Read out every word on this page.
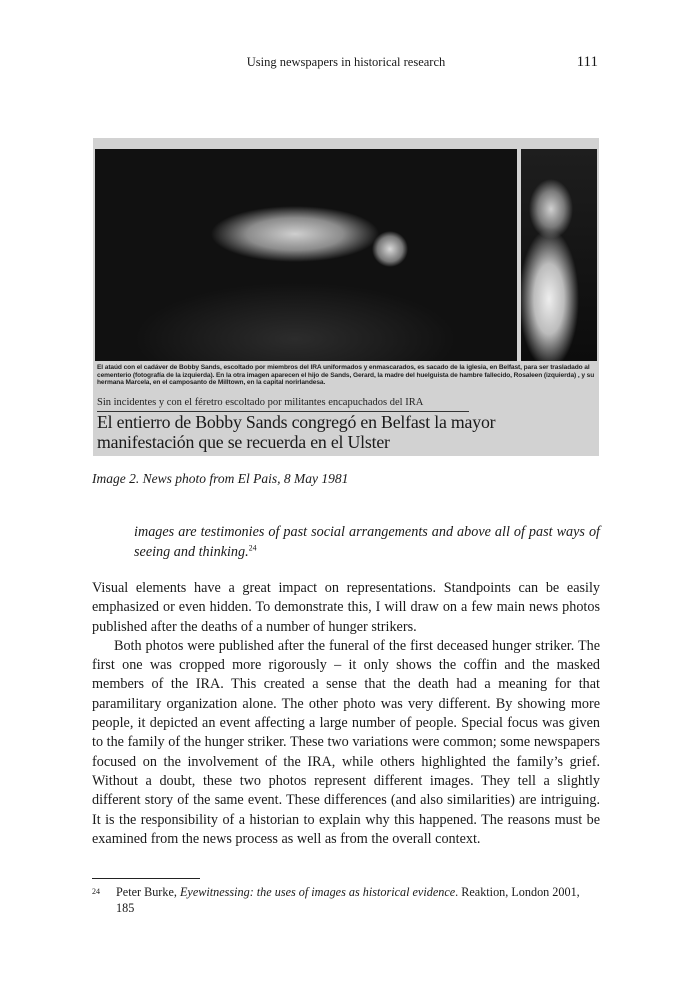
Using newspapers in historical research	111
El ataúd con el cadáver de Bobby Sands, escoltado por miembros del IRA uniformados y enmascarados, es sacado de la iglesia, en Belfast, para ser trasladado al cementerio (fotografía de la izquierda). En la otra imagen aparecen el hijo de Sands, Gerard, la madre del huelguista de hambre fallecido, Rosaleen (izquierda) , y su hermana Marcela, en el camposanto de Milltown, en la capital norirlandesa.
Sin incidentes y con el féretro escoltado por militantes encapuchados del IRA
El entierro de Bobby Sands congregó en Belfast la mayor
manifestación que se recuerda en el Ulster
Image 2. News photo from El Pais, 8 May 1981
images are testimonies of past social arrangements and above all of past ways of seeing and thinking.$^{24}$

Visual elements have a great impact on representations. Standpoints can be easily emphasized or even hidden. To demonstrate this, I will draw on a few main news photos published after the deaths of a number of hunger strikers.

Both photos were published after the funeral of the first deceased hunger striker. The first one was cropped more rigorously – it only shows the coffin and the masked members of the IRA. This created a sense that the death had a meaning for that paramilitary organization alone. The other photo was very different. By showing more people, it depicted an event affecting a large number of people. Special focus was given to the family of the hunger striker. These two variations were common; some newspapers focused on the involvement of the IRA, while others highlighted the family’s grief. Without a doubt, these two photos represent different images. They tell a slightly different story of the same event. These differences (and also similarities) are intriguing. It is the responsibility of a historian to explain why this happened. The reasons must be examined from the news process as well as from the overall context.

24 Peter Burke, Eyewitnessing: the uses of images as historical evidence. Reaktion, London 2001, 185
